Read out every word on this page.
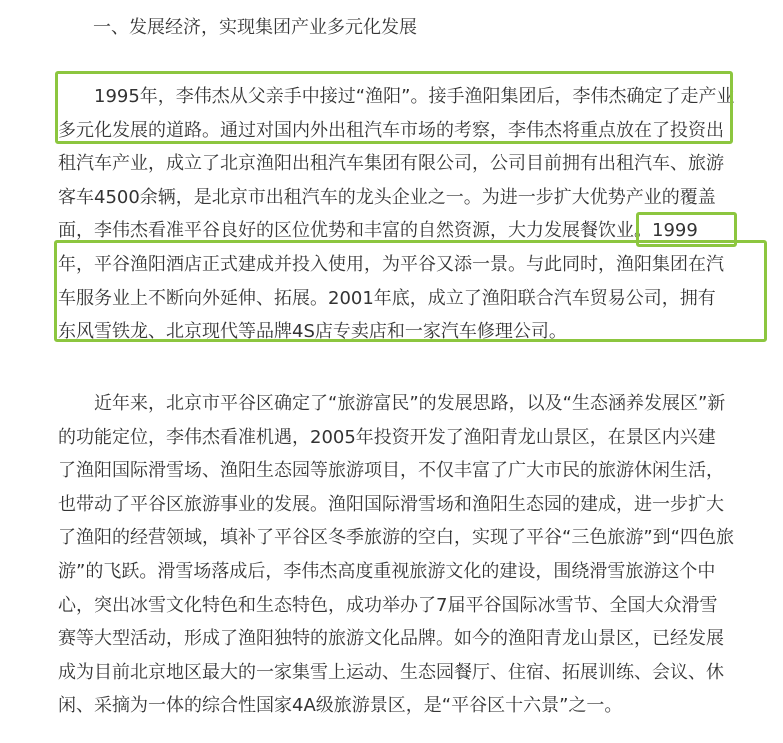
一、发展经济，实现集团产业多元化发展
1995年，李伟杰从父亲手中接过“渔阳”。接手渔阳集团后，李伟杰确定了走产业
多元化发展的道路。通过对国内外出租汽车市场的考察，李伟杰将重点放在了投资出
租汽车产业，成立了北京渔阳出租汽车集团有限公司，公司目前拥有出租汽车、旅游
客车4500余辆，是北京市出租汽车的龙头企业之一。为进一步扩大优势产业的覆盖
面，李伟杰看准平谷良好的区位优势和丰富的自然资源，大力发展餐饮业。1999
年，平谷渔阳酒店正式建成并投入使用，为平谷又添一景。与此同时，渔阳集团在汽
车服务业上不断向外延伸、拓展。2001年底，成立了渔阳联合汽车贸易公司，拥有
东风雪铁龙、北京现代等品牌4S店专卖店和一家汽车修理公司。
近年来，北京市平谷区确定了“旅游富民”的发展思路，以及“生态涵养发展区”新
的功能定位，李伟杰看准机遇，2005年投资开发了渔阳青龙山景区，在景区内兴建
了渔阳国际滑雪场、渔阳生态园等旅游项目，不仅丰富了广大市民的旅游休闲生活，
也带动了平谷区旅游事业的发展。渔阳国际滑雪场和渔阳生态园的建成，进一步扩大
了渔阳的经营领域，填补了平谷区冬季旅游的空白，实现了平谷“三色旅游”到“四色旅
游”的飞跃。滑雪场落成后，李伟杰高度重视旅游文化的建设，围绕滑雪旅游这个中
心，突出冰雪文化特色和生态特色，成功举办了7届平谷国际冰雪节、全国大众滑雪
赛等大型活动，形成了渔阳独特的旅游文化品牌。如今的渔阳青龙山景区，已经发展
成为目前北京地区最大的一家集雪上运动、生态园餐厅、住宿、拓展训练、会议、休
闲、采摘为一体的综合性国家4A级旅游景区，是“平谷区十六景”之一。
